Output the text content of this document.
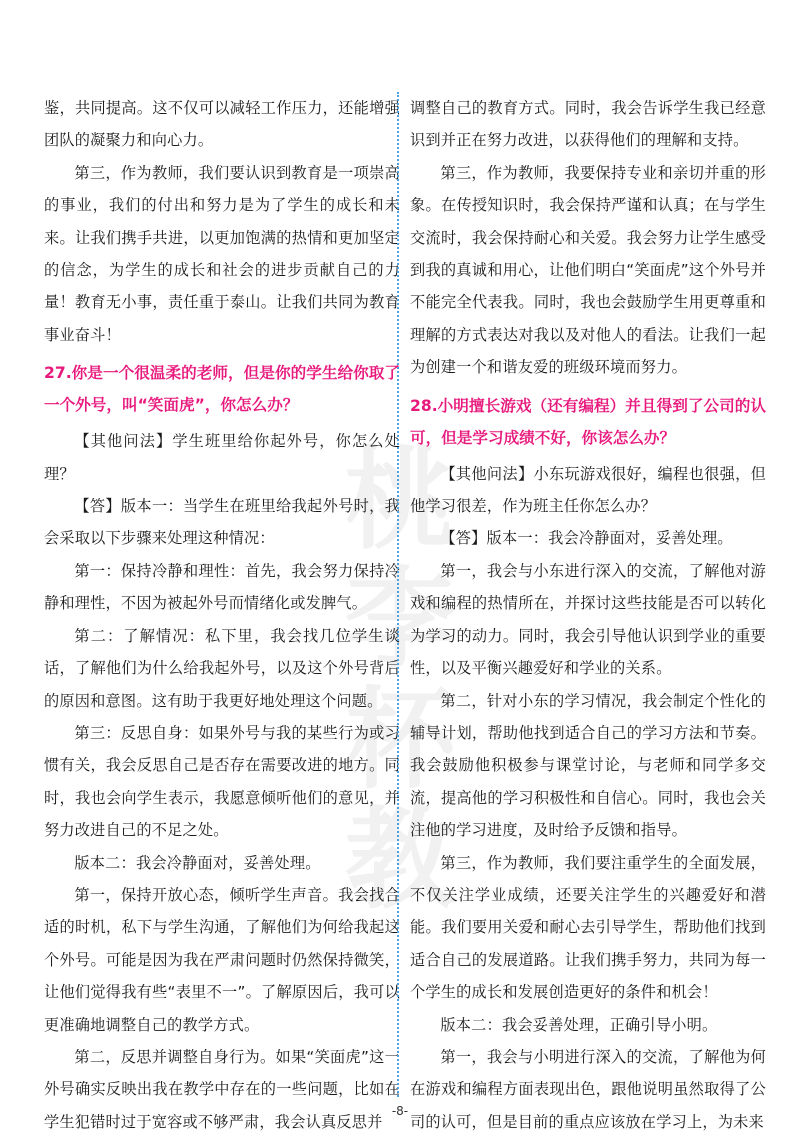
桃 李 杯 教

鉴，共同提高。这不仅可以减轻工作压力，还能增强团队的凝聚力和向心力。

第三，作为教师，我们要认识到教育是一项崇高的事业，我们的付出和努力是为了学生的成长和未来。让我们携手共进，以更加饱满的热情和更加坚定的信念，为学生的成长和社会的进步贡献自己的力量！教育无小事，责任重于泰山。让我们共同为教育事业奋斗！

27.你是一个很温柔的老师，但是你的学生给你取了一个外号，叫“笑面虎”，你怎么办？

【其他问法】学生班里给你起外号，你怎么处理？

【答】版本一：当学生在班里给我起外号时，我会采取以下步骤来处理这种情况：

第一：保持冷静和理性：首先，我会努力保持冷静和理性，不因为被起外号而情绪化或发脾气。

第二：了解情况：私下里，我会找几位学生谈话，了解他们为什么给我起外号，以及这个外号背后的原因和意图。这有助于我更好地处理这个问题。

第三：反思自身：如果外号与我的某些行为或习惯有关，我会反思自己是否存在需要改进的地方。同时，我也会向学生表示，我愿意倾听他们的意见，并努力改进自己的不足之处。

版本二：我会冷静面对，妥善处理。

第一，保持开放心态，倾听学生声音。我会找合适的时机，私下与学生沟通，了解他们为何给我起这个外号。可能是因为我在严肃问题时仍然保持微笑，让他们觉得我有些“表里不一”。了解原因后，我可以更准确地调整自己的教学方式。

第二，反思并调整自身行为。如果“笑面虎”这一外号确实反映出我在教学中存在的一些问题，比如在学生犯错时过于宽容或不够严肃，我会认真反思并

调整自己的教育方式。同时，我会告诉学生我已经意识到并正在努力改进，以获得他们的理解和支持。

第三，作为教师，我要保持专业和亲切并重的形象。在传授知识时，我会保持严谨和认真；在与学生交流时，我会保持耐心和关爱。我会努力让学生感受到我的真诚和用心，让他们明白“笑面虎”这个外号并不能完全代表我。同时，我也会鼓励学生用更尊重和理解的方式表达对我以及对他人的看法。让我们一起为创建一个和谐友爱的班级环境而努力。

28.小明擅长游戏（还有编程）并且得到了公司的认可，但是学习成绩不好，你该怎么办？

【其他问法】小东玩游戏很好，编程也很强，但他学习很差，作为班主任你怎么办？

【答】版本一：我会冷静面对，妥善处理。

第一，我会与小东进行深入的交流，了解他对游戏和编程的热情所在，并探讨这些技能是否可以转化为学习的动力。同时，我会引导他认识到学业的重要性，以及平衡兴趣爱好和学业的关系。

第二，针对小东的学习情况，我会制定个性化的辅导计划，帮助他找到适合自己的学习方法和节奏。我会鼓励他积极参与课堂讨论，与老师和同学多交流，提高他的学习积极性和自信心。同时，我也会关注他的学习进度，及时给予反馈和指导。

第三，作为教师，我们要注重学生的全面发展，不仅关注学业成绩，还要关注学生的兴趣爱好和潜能。我们要用关爱和耐心去引导学生，帮助他们找到适合自己的发展道路。让我们携手努力，共同为每一个学生的成长和发展创造更好的条件和机会！

版本二：我会妥善处理，正确引导小明。

第一，我会与小明进行深入的交流，了解他为何在游戏和编程方面表现出色，跟他说明虽然取得了公司的认可，但是目前的重点应该放在学习上，为未来

-8-
